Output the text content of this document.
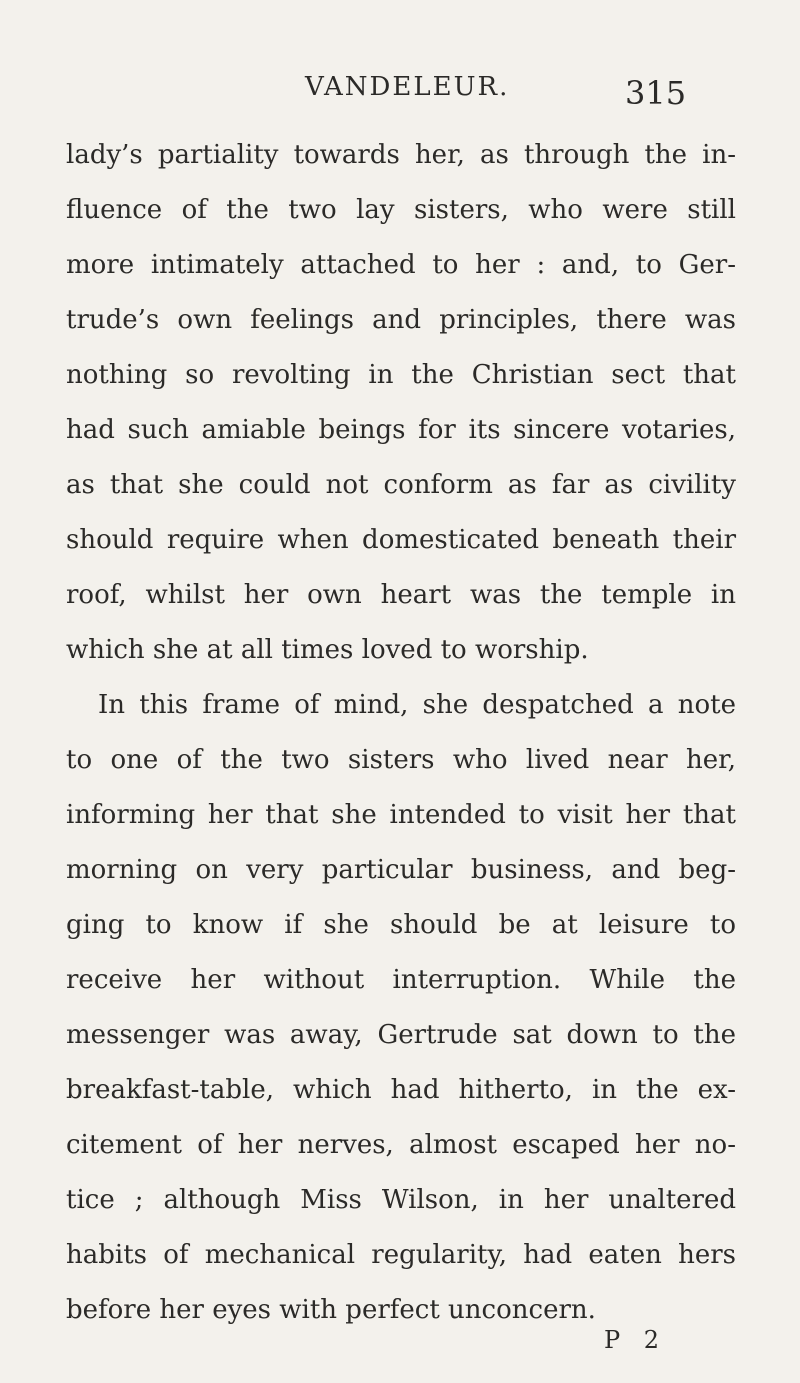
VANDELEUR.	315
lady’s partiality towards her, as through the in-
fluence of the two lay sisters, who were still
more intimately attached to her : and, to Ger-
trude’s own feelings and principles, there was
nothing so revolting in the Christian sect that
had such amiable beings for its sincere votaries,
as that she could not conform as far as civility
should require when domesticated beneath their
roof, whilst her own heart was the temple in
which she at all times loved to worship.
In this frame of mind, she despatched a note
to one of the two sisters who lived near her,
informing her that she intended to visit her that
morning on very particular business, and beg-
ging to know if she should be at leisure to
receive her without interruption. While the
messenger was away, Gertrude sat down to the
breakfast-table, which had hitherto, in the ex-
citement of her nerves, almost escaped her no-
tice ; although Miss Wilson, in her unaltered
habits of mechanical regularity, had eaten hers
before her eyes with perfect unconcern.
P 2
